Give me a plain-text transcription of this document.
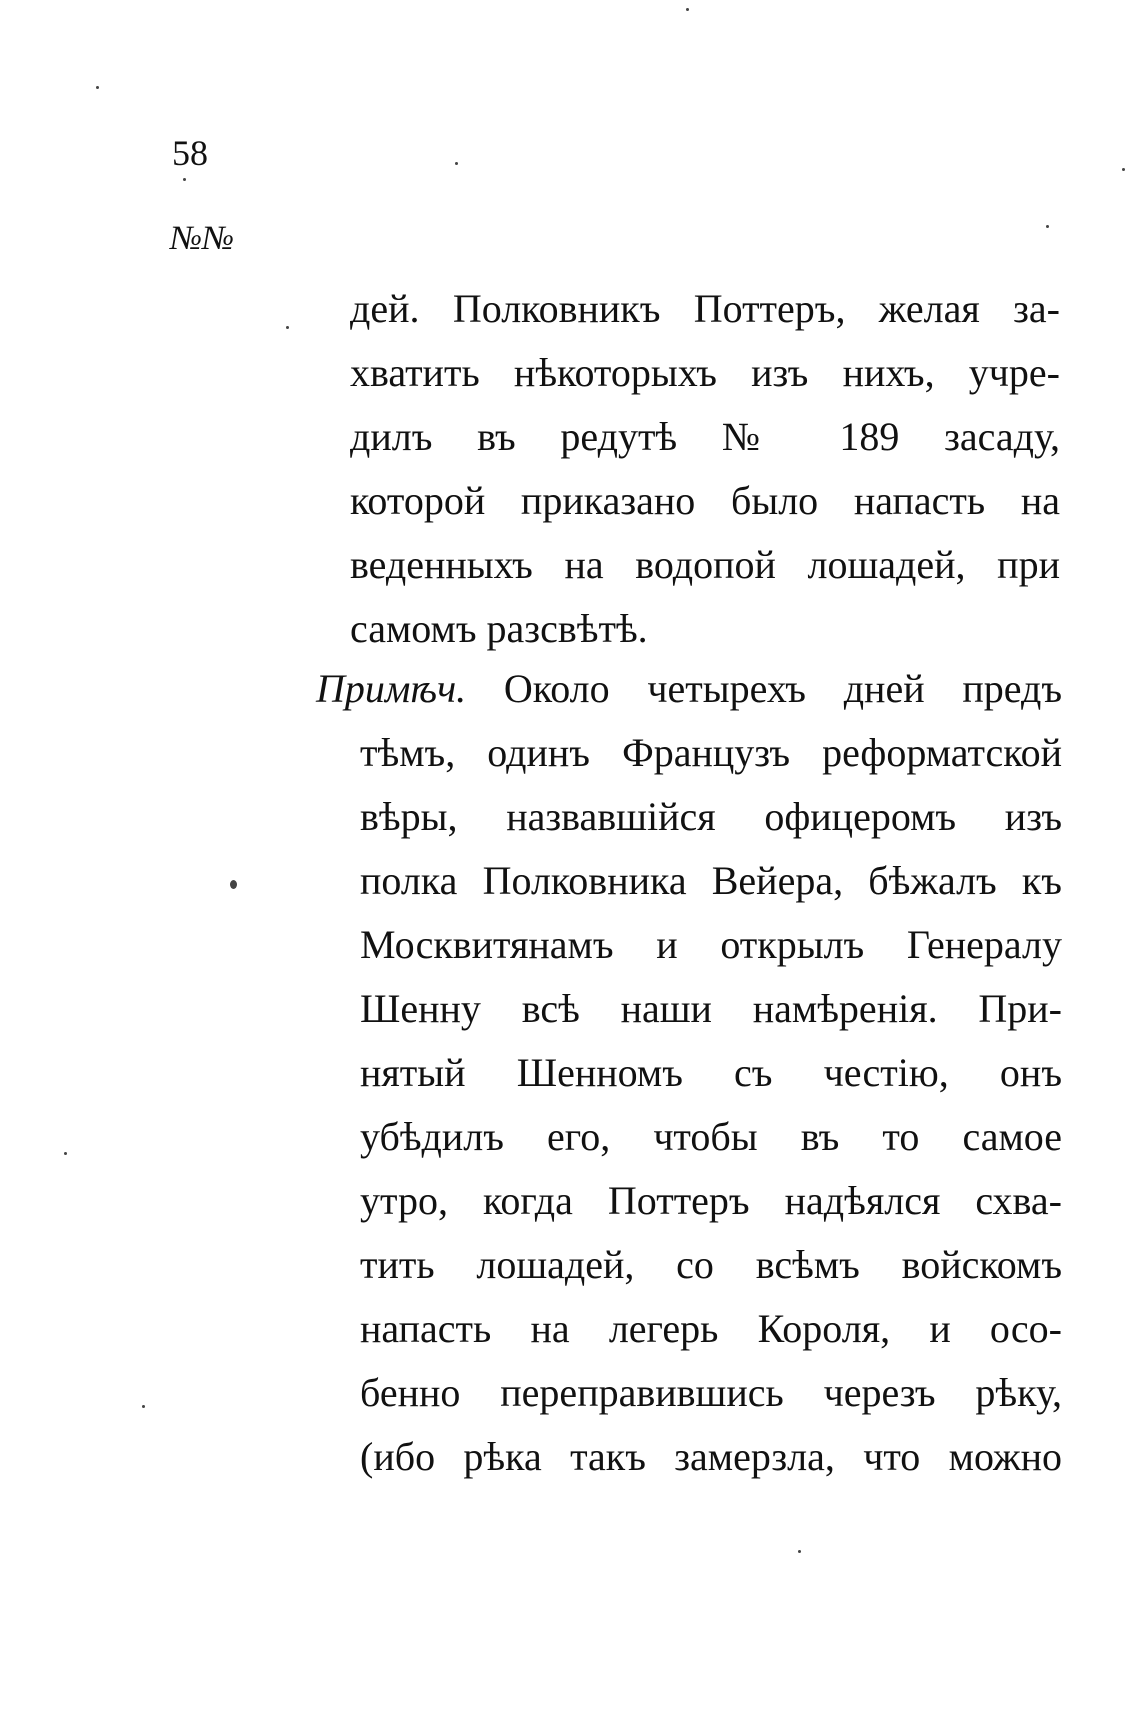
58
№№
дей. Полковникъ Поттеръ, желая за-
хватить нѣкоторыхъ изъ нихъ, учре-
дилъ въ редутѣ № 189 засаду,
которой приказано было напасть на
веденныхъ на водопой лошадей, при
самомъ разсвѣтѣ.
Примѣч. Около четырехъ дней предъ
тѣмъ, одинъ Французъ реформатской
вѣры, назвавшійся офицеромъ изъ
полка Полковника Вейера, бѣжалъ къ
Москвитянамъ и открылъ Генералу
Шенну всѣ наши намѣренія. При-
нятый Шенномъ съ честію, онъ
убѣдилъ его, чтобы въ то самое
утро, когда Поттеръ надѣялся схва-
тить лошадей, со всѣмъ войскомъ
напасть на легерь Короля, и осо-
бенно переправившись черезъ рѣку,
(ибо рѣка такъ замерзла, что можно
